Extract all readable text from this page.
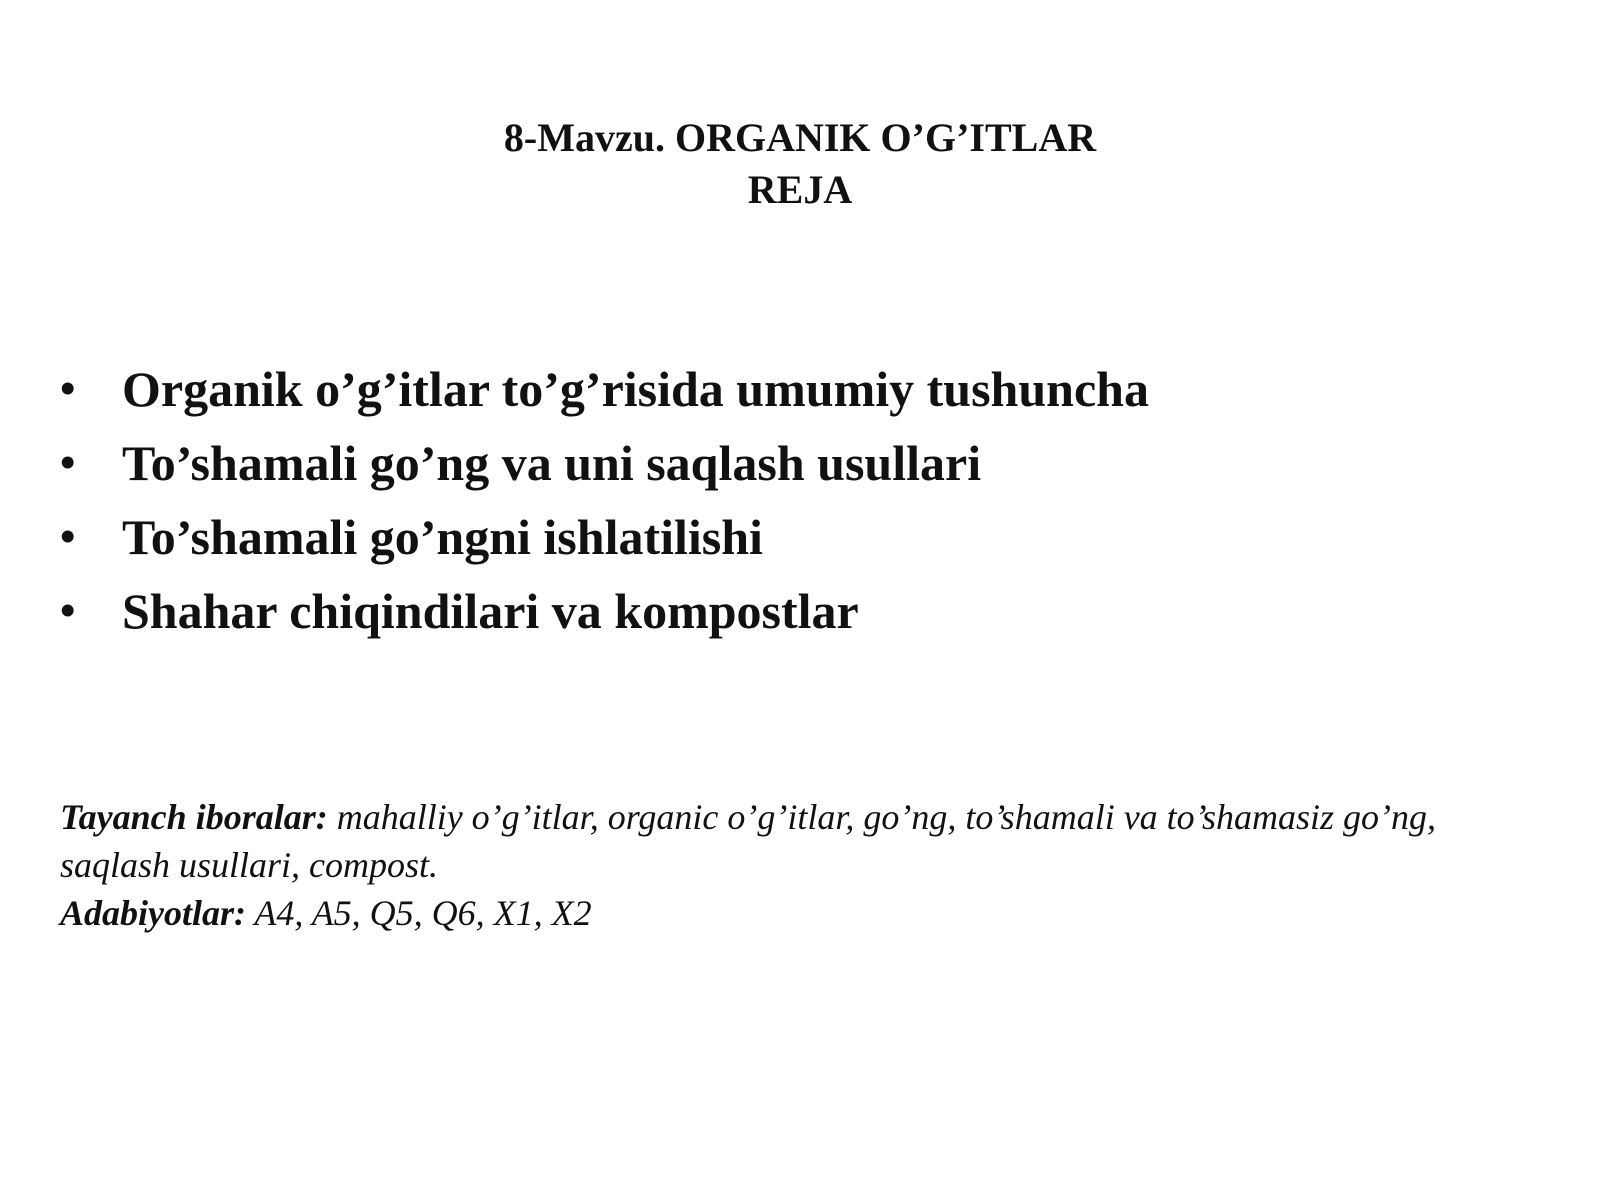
8-Mavzu. ORGANIK O’G’ITLAR
REJA
• Organik o’g’itlar to’g’risida umumiy tushuncha
• To’shamali go’ng va uni saqlash usullari
• To’shamali go’ngni ishlatilishi
• Shahar chiqindilari va kompostlar
Tayanch iboralar: mahalliy o’g’itlar, organic o’g’itlar, go’ng, to’shamali va to’shamasiz go’ng, saqlash usullari, compost.
Adabiyotlar: A4, A5, Q5, Q6, X1, X2
